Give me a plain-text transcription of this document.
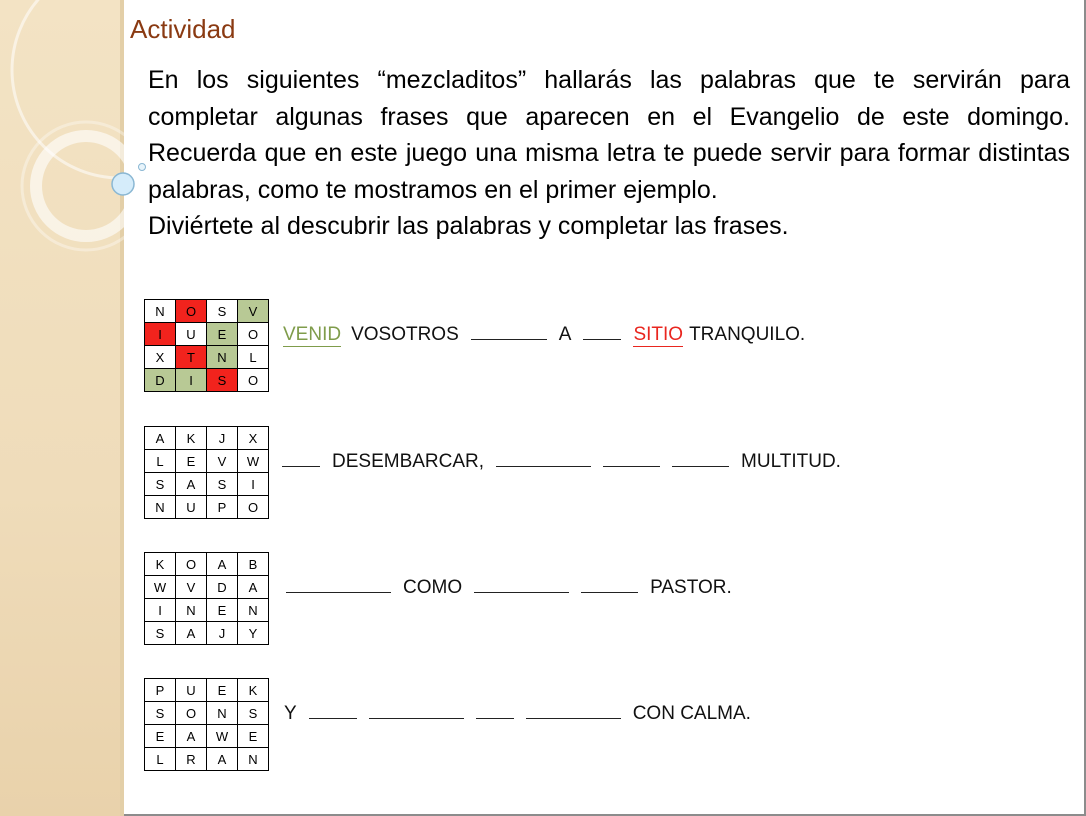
Actividad

En los siguientes “mezcladitos” hallarás las palabras que te servirán para completar algunas frases que aparecen en el Evangelio de este domingo. Recuerda que en este juego una misma letra te puede servir para formar distintas palabras, como te mostramos en el primer ejemplo.

Diviértete al descubrir las palabras y completar las frases.

N	O	S	V
I	U	E	O
X	T	N	L
D	I	S	O
A	K	J	X
L	E	V	W
S	A	S	I
N	U	P	O
K	O	A	B
W	V	D	A
I	N	E	N
S	A	J	Y
P	U	E	K
S	O	N	S
E	A	W	E
L	R	A	N
VENID VOSOTROS	A	SITIO TRANQUILO.
DESEMBARCAR,	MULTITUD.
COMO	PASTOR.
Y	CON CALMA.
